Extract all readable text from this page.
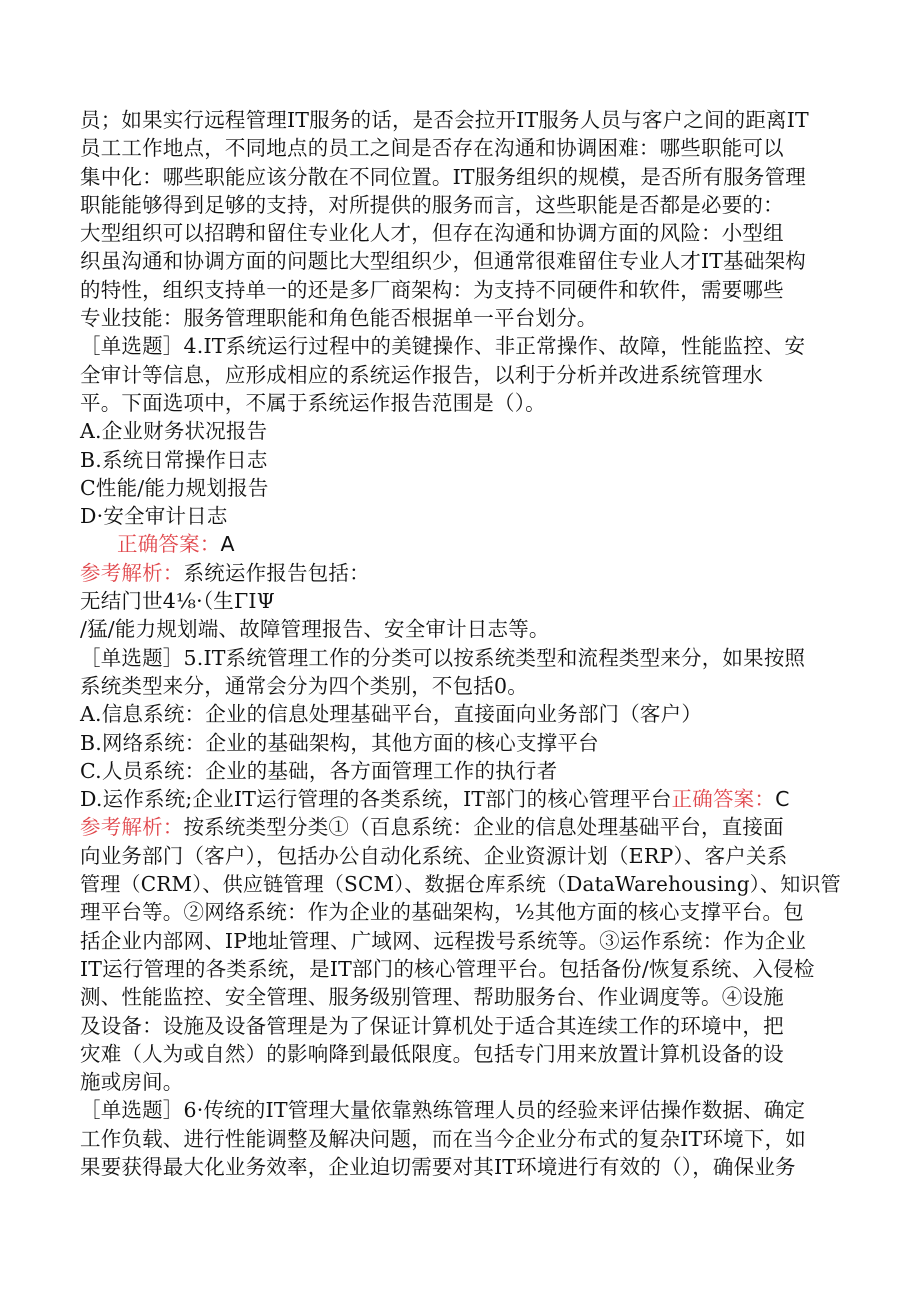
员；如果实行远程管理IT服务的话，是否会拉开IT服务人员与客户之间的距离IT
员工工作地点，不同地点的员工之间是否存在沟通和协调困难：哪些职能可以
集中化：哪些职能应该分散在不同位置。IT服务组织的规模，是否所有服务管理
职能能够得到足够的支持，对所提供的服务而言，这些职能是否都是必要的：
大型组织可以招聘和留住专业化人才，但存在沟通和协调方面的风险：小型组
织虽沟通和协调方面的问题比大型组织少，但通常很难留住专业人才IT基础架构
的特性，组织支持单一的还是多厂商架构：为支持不同硬件和软件，需要哪些
专业技能：服务管理职能和角色能否根据单一平台划分。
［单选题］4.IT系统运行过程中的美键操作、非正常操作、故障，性能监控、安
全审计等信息，应形成相应的系统运作报告，以利于分析并改进系统管理水
平。下面选项中，不属于系统运作报告范围是（）。
A.企业财务状况报告
B.系统日常操作日志
C性能/能力规划报告
D·安全审计日志
正确答案：A
参考解析：系统运作报告包括：
无结门世4⅛·（生ΓIΨ
/猛/能力规划端、故障管理报告、安全审计日志等。
［单选题］5.IT系统管理工作的分类可以按系统类型和流程类型来分，如果按照
系统类型来分，通常会分为四个类别，不包括0。
A.信息系统：企业的信息处理基础平台，直接面向业务部门（客户）
B.网络系统：企业的基础架构，其他方面的核心支撑平台
C.人员系统：企业的基础，各方面管理工作的执行者
D.运作系统;企业IT运行管理的各类系统，IT部门的核心管理平台正确答案：C
参考解析：按系统类型分类①（百息系统：企业的信息处理基础平台，直接面
向业务部门（客户），包括办公自动化系统、企业资源计划（ERP）、客户关系
管理（CRM）、供应链管理（SCM）、数据仓库系统（DataWarehousing）、知识管
理平台等。②网络系统：作为企业的基础架构，½其他方面的核心支撑平台。包
括企业内部网、IP地址管理、广域网、远程拨号系统等。③运作系统：作为企业
IT运行管理的各类系统，是IT部门的核心管理平台。包括备份/恢复系统、入侵检
测、性能监控、安全管理、服务级别管理、帮助服务台、作业调度等。④设施
及设备：设施及设备管理是为了保证计算机处于适合其连续工作的环境中，把
灾难（人为或自然）的影响降到最低限度。包括专门用来放置计算机设备的设
施或房间。
［单选题］6·传统的IT管理大量依靠熟练管理人员的经验来评估操作数据、确定
工作负载、进行性能调整及解决问题，而在当今企业分布式的复杂IT环境下，如
果要获得最大化业务效率，企业迫切需要对其IT环境进行有效的（），确保业务
